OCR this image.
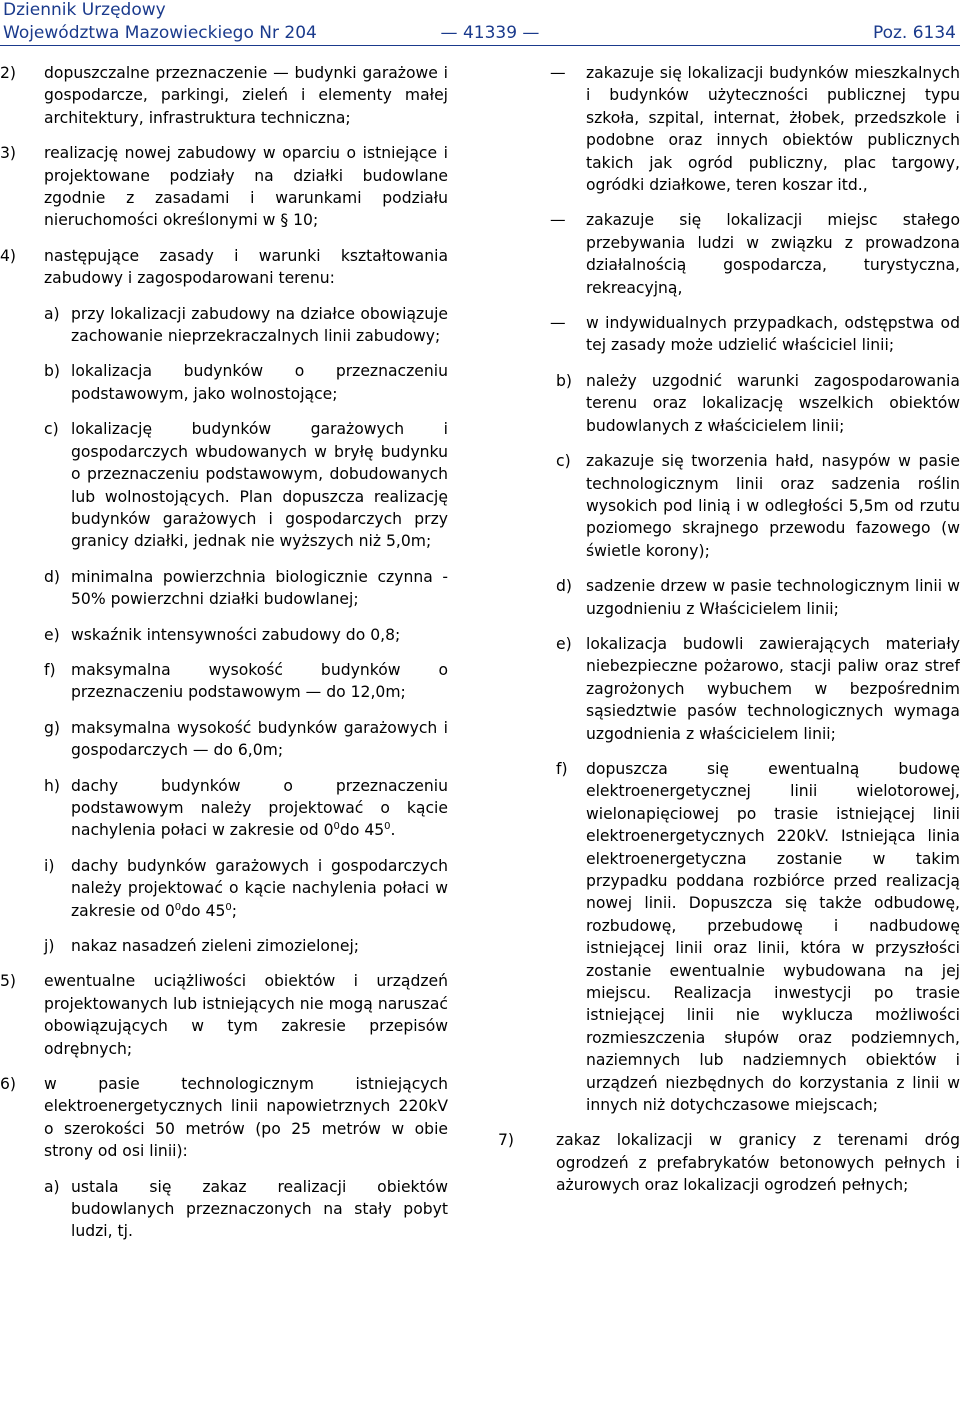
Dziennik Urzędowy
Województwa Mazowieckiego Nr 204	— 41339 —	Poz. 6134
2) dopuszczalne przeznaczenie — budynki garażowe i gospodarcze, parkingi, zieleń i elementy małej architektury, infrastruktura techniczna;
3) realizację nowej zabudowy w oparciu o istniejące i projektowane podziały na działki budowlane zgodnie z zasadami i warunkami podziału nieruchomości określonymi w § 10;
4) następujące zasady i warunki kształtowania zabudowy i zagospodarowani terenu:
a) przy lokalizacji zabudowy na działce obowiązuje zachowanie nieprzekraczalnych linii zabudowy;
b) lokalizacja budynków o przeznaczeniu podstawowym, jako wolnostojące;
c) lokalizację budynków garażowych i gospodarczych wbudowanych w bryłę budynku o przeznaczeniu podstawowym, dobudowanych lub wolnostojących. Plan dopuszcza realizację budynków garażowych i gospodarczych przy granicy działki, jednak nie wyższych niż 5,0m;
d) minimalna powierzchnia biologicznie czynna - 50% powierzchni działki budowlanej;
e) wskaźnik intensywności zabudowy do 0,8;
f) maksymalna wysokość budynków o przeznaczeniu podstawowym — do 12,0m;
g) maksymalna wysokość budynków garażowych i gospodarczych — do 6,0m;
h) dachy budynków o przeznaczeniu podstawowym należy projektować o kącie nachylenia połaci w zakresie od $0^0do$ $45^0$.
i) dachy budynków garażowych i gospodarczych należy projektować o kącie nachylenia połaci w zakresie od $0^0do$ $45^0$;
j) nakaz nasadzeń zieleni zimozielonej;
5) ewentualne uciążliwości obiektów i urządzeń projektowanych lub istniejących nie mogą naruszać obowiązujących w tym zakresie przepisów odrębnych;
6) w pasie technologicznym istniejących elektroenergetycznych linii napowietrznych 220kV o szerokości 50 metrów (po 25 metrów w obie strony od osi linii):
a) ustala się zakaz realizacji obiektów budowlanych przeznaczonych na stały pobyt ludzi, tj.
— zakazuje się lokalizacji budynków mieszkalnych i budynków użyteczności publicznej typu szkoła, szpital, internat, żłobek, przedszkole i podobne oraz innych obiektów publicznych takich jak ogród publiczny, plac targowy, ogródki działkowe, teren koszar itd.,
— zakazuje się lokalizacji miejsc stałego przebywania ludzi w związku z prowadzona działalnością gospodarcza, turystyczna, rekreacyjną,
— w indywidualnych przypadkach, odstępstwa od tej zasady może udzielić właściciel linii;
b) należy uzgodnić warunki zagospodarowania terenu oraz lokalizację wszelkich obiektów budowlanych z właścicielem linii;
c) zakazuje się tworzenia hałd, nasypów w pasie technologicznym linii oraz sadzenia roślin wysokich pod linią i w odległości 5,5m od rzutu poziomego skrajnego przewodu fazowego (w świetle korony);
d) sadzenie drzew w pasie technologicznym linii w uzgodnieniu z Właścicielem linii;
e) lokalizacja budowli zawierających materiały niebezpieczne pożarowo, stacji paliw oraz stref zagrożonych wybuchem w bezpośrednim sąsiedztwie pasów technologicznych wymaga uzgodnienia z właścicielem linii;
f) dopuszcza się ewentualną budowę elektroenergetycznej linii wielotorowej, wielonapięciowej po trasie istniejącej linii elektroenergetycznych 220kV. Istniejąca linia elektroenergetyczna zostanie w takim przypadku poddana rozbiórce przed realizacją nowej linii. Dopuszcza się także odbudowę, rozbudowę, przebudowę i nadbudowę istniejącej linii oraz linii, która w przyszłości zostanie ewentualnie wybudowana na jej miejscu. Realizacja inwestycji po trasie istniejącej linii nie wyklucza możliwości rozmieszczenia słupów oraz podziemnych, naziemnych lub nadziemnych obiektów i urządzeń niezbędnych do korzystania z linii w innych niż dotychczasowe miejscach;
7)	zakaz lokalizacji w granicy z terenami dróg ogrodzeń z prefabrykatów betonowych pełnych i ażurowych oraz lokalizacji ogrodzeń pełnych;
